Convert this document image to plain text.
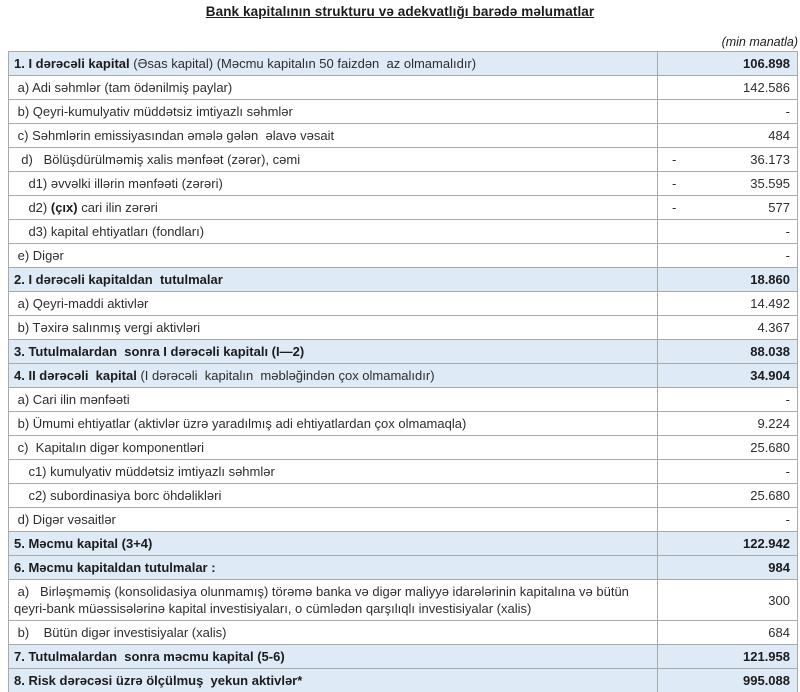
Bank kapitalının strukturu və adekvatlığı barədə məlumatlar
(min manatla)
1. I dərəcəli kapital (Əsas kapital) (Məcmu kapitalın 50 faizdən  az olmamalıdır)	106.898
a) Adi səhmlər (tam ödənilmiş paylar)	142.586
b) Qeyri-kumulyativ müddətsiz imtiyazlı səhmlər	-
c) Səhmlərin emissiyasından əmələ gələn  əlavə vəsait	484
d)   Bölüşdürülməmiş xalis mənfəət (zərər), cəmi	- 36.173
d1) əvvəlki illərin mənfəəti (zərəri)	- 35.595
d2) (çıx) cari ilin zərəri	- 577
d3) kapital ehtiyatları (fondları)	-
e) Digər	-
2. I dərəcəli kapitaldan  tutulmalar	18.860
a) Qeyri-maddi aktivlər	14.492
b) Təxirə salınmış vergi aktivləri	4.367
3. Tutulmalardan  sonra I dərəcəli kapitalı (I—2)	88.038
4. II dərəcəli  kapital (I dərəcəli  kapitalın  məbləğindən çox olmamalıdır)	34.904
a) Cari ilin mənfəəti	-
b) Ümumi ehtiyatlar (aktivlər üzrə yaradılmış adi ehtiyatlardan çox olmamaqla)	9.224
c)  Kapitalın digər komponentləri	25.680
c1) kumulyativ müddətsiz imtiyazlı səhmlər	-
c2) subordinasiya borc öhdəlikləri	25.680
d) Digər vəsaitlər	-
5. Məcmu kapital (3+4)	122.942
6. Məcmu kapitaldan tutulmalar :	984
a)   Birləşməmiş (konsolidasiya olunmamış) törəmə banka və digər maliyyə idarələrinin kapitalına və bütün qeyri-bank müəssisələrinə kapital investisiyaları, o cümlədən qarşılıqlı investisiyalar (xalis)	300
b)    Bütün digər investisiyalar (xalis)	684
7. Tutulmalardan  sonra məcmu kapital (5-6)	121.958
8. Risk dərəcəsi üzrə ölçülmuş  yekun aktivlər*	995.088
